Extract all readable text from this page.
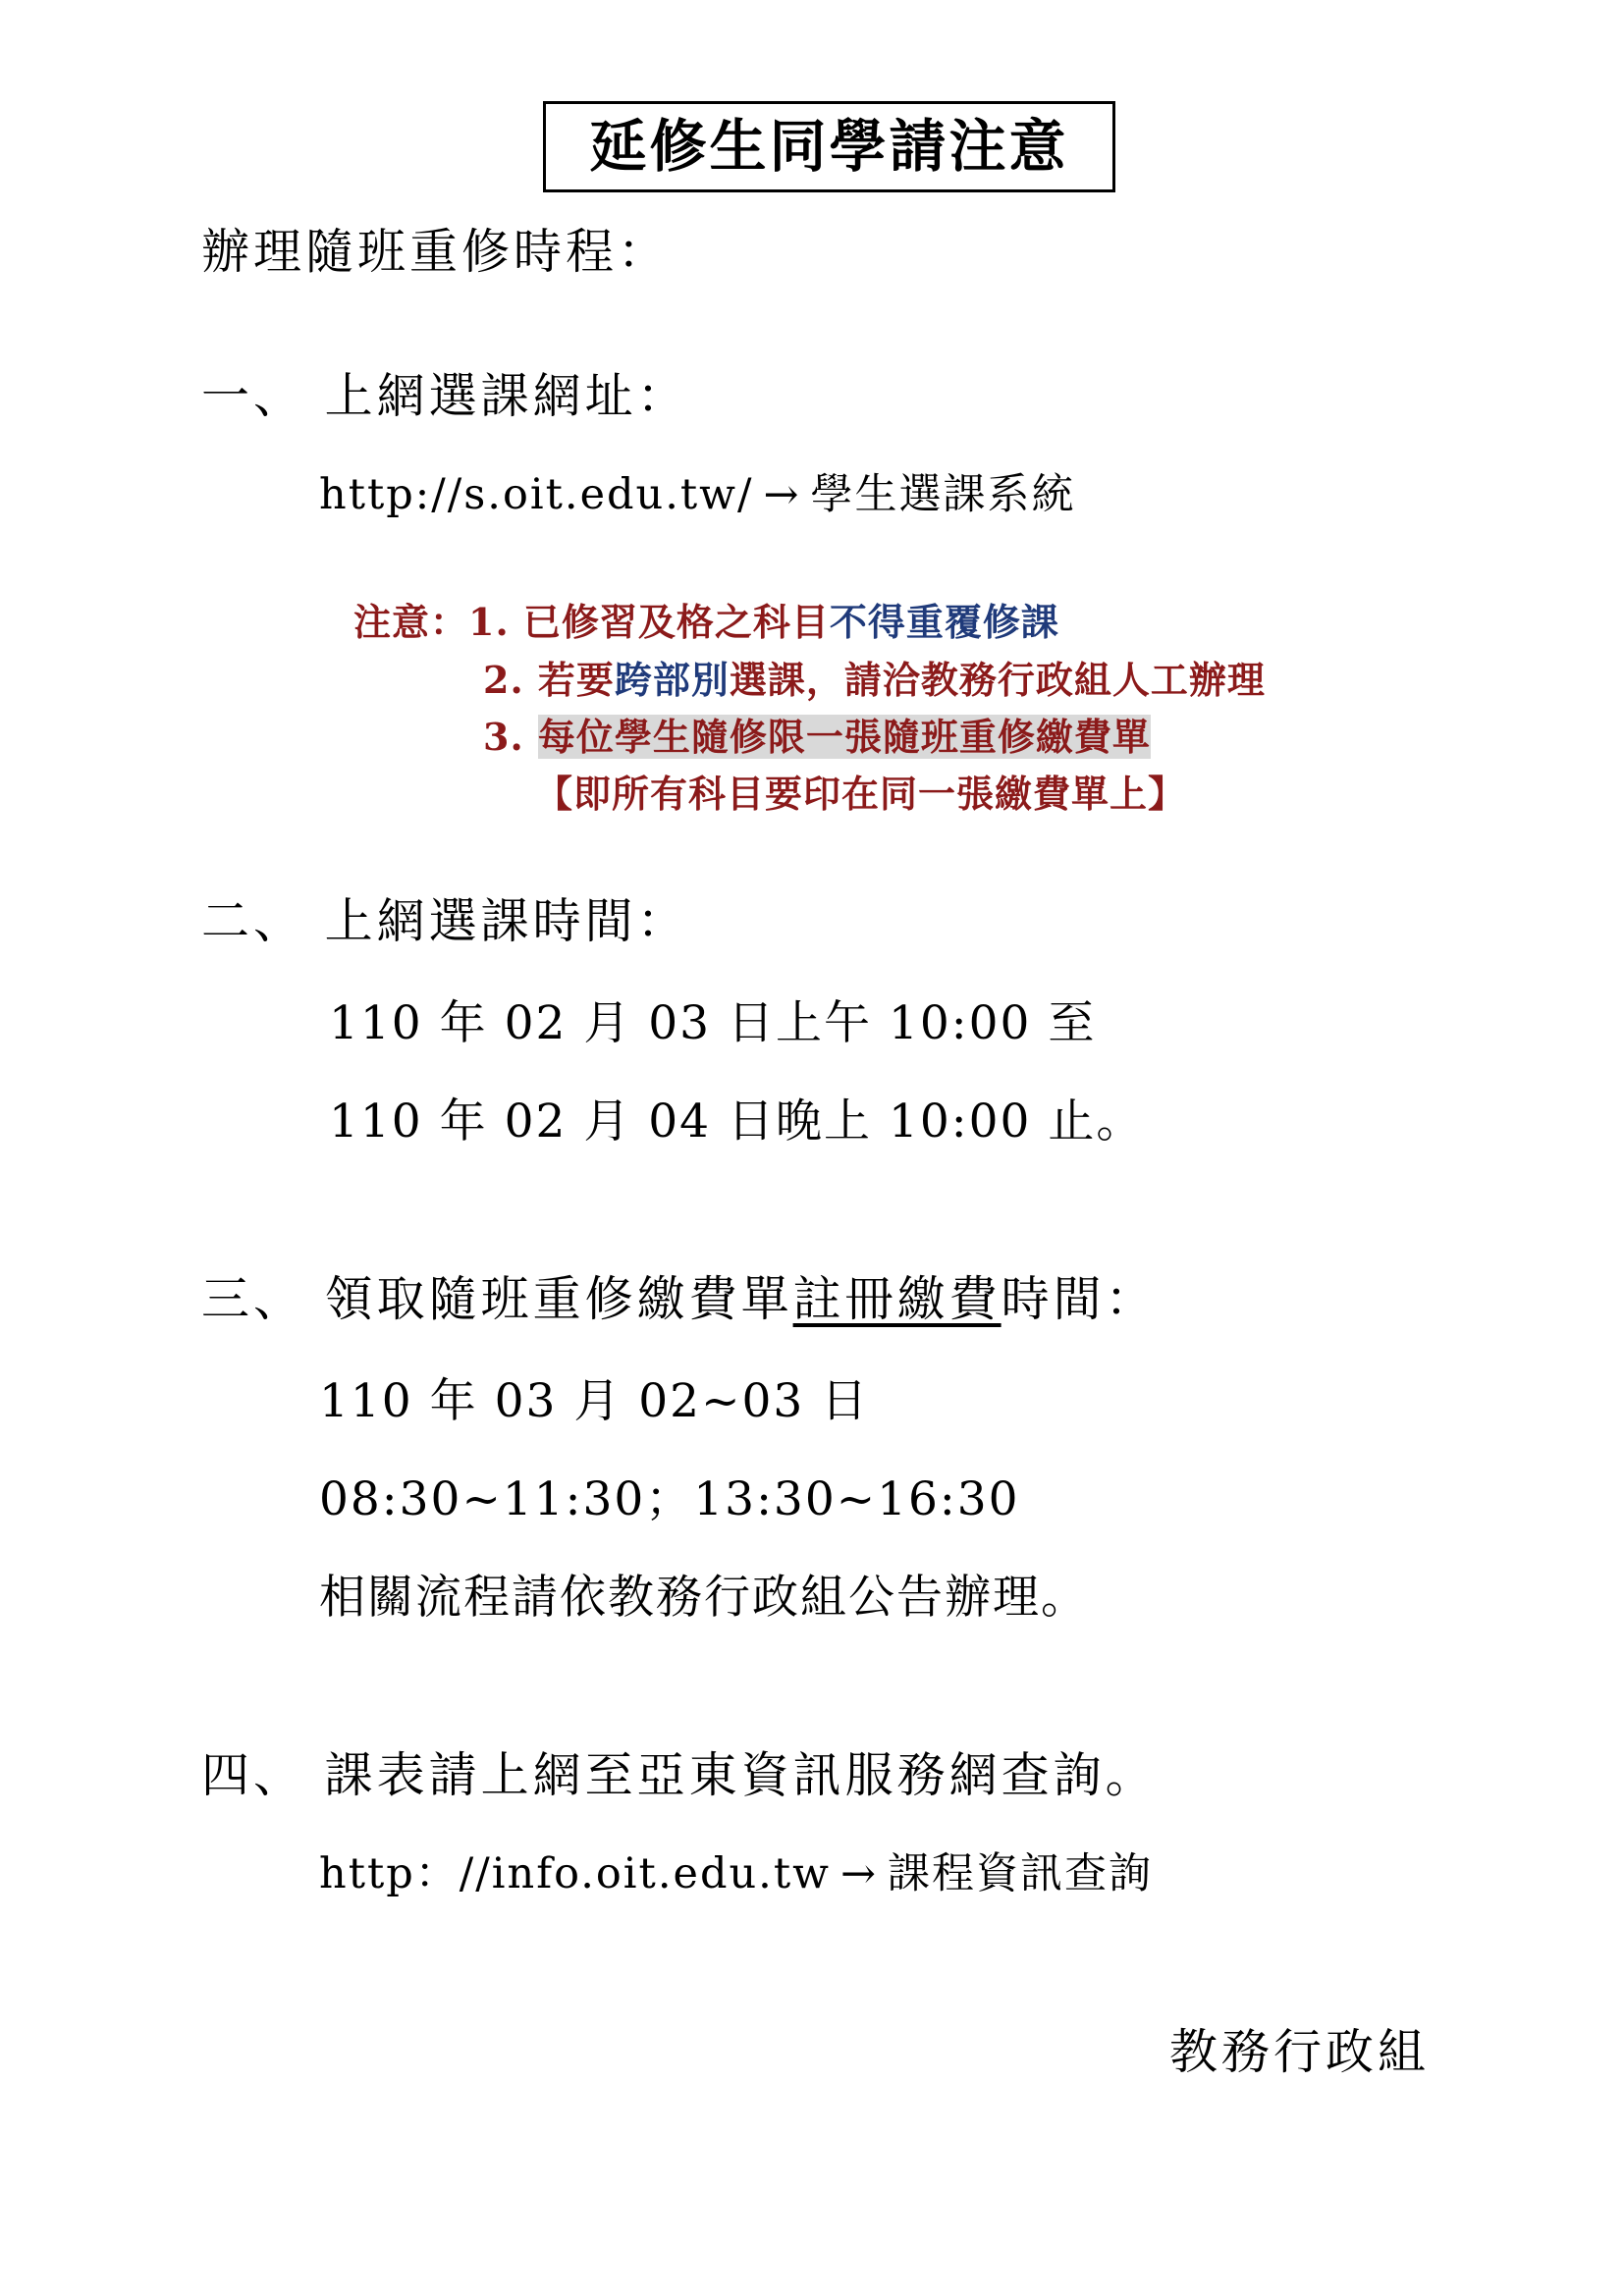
延修生同學請注意
辦理隨班重修時程：
一、 上網選課網址：
http://s.oit.edu.tw/ → 學生選課系統
注意：1. 已修習及格之科目不得重覆修課
2. 若要跨部別選課，請洽教務行政組人工辦理
3. 每位學生隨修限一張隨班重修繳費單
【即所有科目要印在同一張繳費單上】
二、 上網選課時間：
110 年 02 月 03 日上午 10:00 至
110 年 02 月 04 日晚上 10:00 止。
三、 領取隨班重修繳費單註冊繳費時間：
110 年 03 月 02~03 日
08:30~11:30；13:30~16:30
相關流程請依教務行政組公告辦理。
四、 課表請上網至亞東資訊服務網查詢。
http：//info.oit.edu.tw → 課程資訊查詢
教務行政組
